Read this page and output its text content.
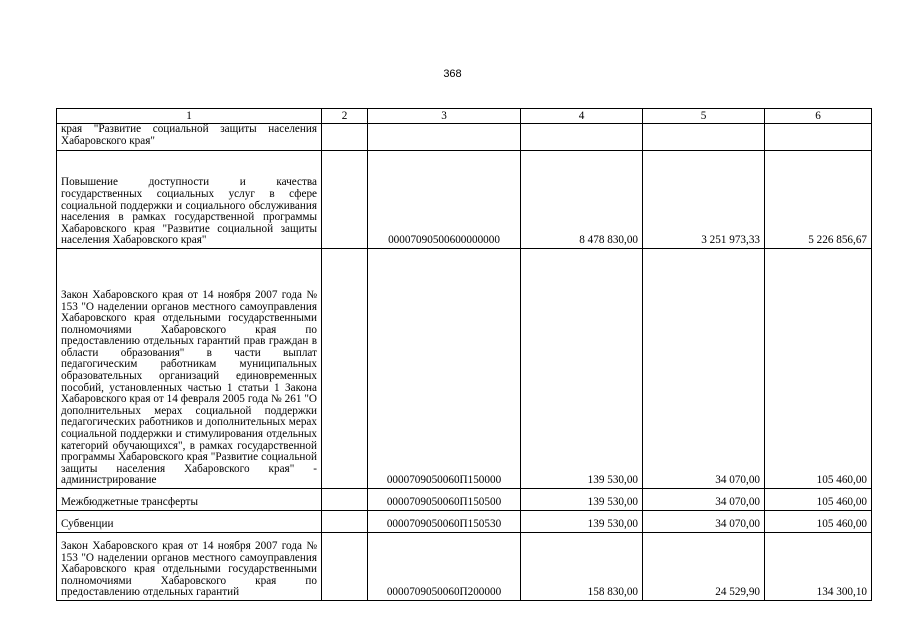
368
1	2	3	4	5	6
края "Развитие социальной защиты населения Хабаровского края"					
Повышение доступности и качества государственных социальных услуг в сфере социальной поддержки и социального обслуживания населения в рамках государственной программы Хабаровского края "Развитие социальной защиты населения Хабаровского края"		00007090500600000000	8 478 830,00	3 251 973,33	5 226 856,67
Закон Хабаровского края от 14 ноября 2007 года № 153 "О наделении органов местного самоуправления Хабаровского края отдельными государственными полномочиями Хабаровского края по предоставлению отдельных гарантий прав граждан в области образования" в части выплат педагогическим работникам муниципальных образовательных организаций единовременных пособий, установленных частью 1 статьи 1 Закона Хабаровского края от 14 февраля 2005 года № 261 "О дополнительных мерах социальной поддержки педагогических работников и дополнительных мерах социальной поддержки и стимулирования отдельных категорий обучающихся", в рамках государственной программы Хабаровского края "Развитие социальной защиты населения Хабаровского края" - администрирование		0000709050060П150000	139 530,00	34 070,00	105 460,00
Межбюджетные трансферты		0000709050060П150500	139 530,00	34 070,00	105 460,00
Субвенции		0000709050060П150530	139 530,00	34 070,00	105 460,00
Закон Хабаровского края от 14 ноября 2007 года № 153 "О наделении органов местного самоуправления Хабаровского края отдельными государственными полномочиями Хабаровского края по предоставлению отдельных гарантий		0000709050060П200000	158 830,00	24 529,90	134 300,10
